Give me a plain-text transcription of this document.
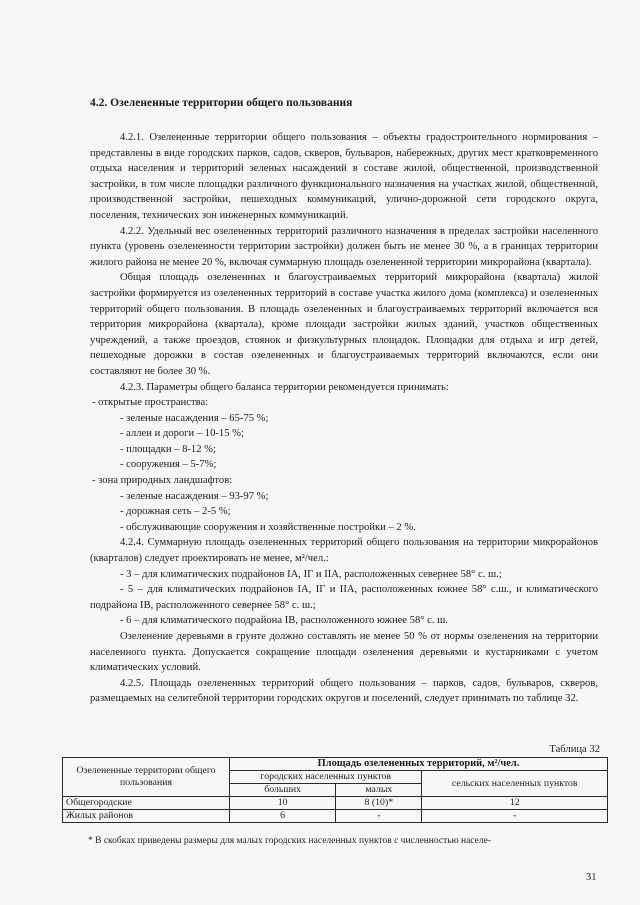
4.2. Озелененные территории общего пользования

4.2.1. Озелененные территории общего пользования – объекты градостроительного нормирования – представлены в виде городских парков, садов, скверов, бульваров, набережных, других мест кратковременного отдыха населения и территорий зеленых насаждений в составе жилой, общественной, производственной застройки, в том числе площадки различного функционального назначения на участках жилой, общественной, производственной застройки, пешеходных коммуникаций, улично-дорожной сети городского округа, поселения, технических зон инженерных коммуникаций.

4.2.2. Удельный вес озелененных территорий различного назначения в пределах застройки населенного пункта (уровень озелененности территории застройки) должен быть не менее 30 %, а в границах территории жилого района не менее 20 %, включая суммарную площадь озелененной территории микрорайона (квартала).

Общая площадь озелененных и благоустраиваемых территорий микрорайона (квартала) жилой застройки формируется из озелененных территорий в составе участка жилого дома (комплекса) и озелененных территорий общего пользования. В площадь озелененных и благоустраиваемых территорий включается вся территория микрорайона (квартала), кроме площади застройки жилых зданий, участков общественных учреждений, а также проездов, стоянок и физкультурных площадок. Площадки для отдыха и игр детей, пешеходные дорожки в состав озелененных и благоустраиваемых территорий включаются, если они составляют не более 30 %.

4.2.3. Параметры общего баланса территории рекомендуется принимать:

- открытые пространства:

- зеленые насаждения – 65-75 %;

- аллеи и дороги – 10-15 %;

- площадки – 8-12 %;

- сооружения – 5-7%;

- зона природных ландшафтов:

- зеленые насаждения – 93-97 %;

- дорожная сеть – 2-5 %;

- обслуживающие сооружения и хозяйственные постройки – 2 %.

4.2.4. Суммарную площадь озелененных территорий общего пользования на территории микрорайонов (кварталов) следует проектировать не менее, м²/чел.:

- 3 – для климатических подрайонов IA, IГ и IIA, расположенных севернее 58° с. ш.;

- 5 – для климатических подрайонов IA, IГ и IIA, расположенных южнее 58° с.ш., и климатического подрайона IB, расположенного севернее 58° с. ш.;

- 6 – для климатического подрайона IB, расположенного южнее 58° с. ш.

Озеленение деревьями в грунте должно составлять не менее 50 % от нормы озеленения на территории населенного пункта. Допускается сокращение площади озеленения деревьями и кустарниками с учетом климатических условий.

4.2.5. Площадь озелененных территорий общего пользования – парков, садов, бульваров, скверов, размещаемых на селитебной территории городских округов и поселений, следует принимать по таблице 32.

Таблица 32
Озелененные территории общего пользования	Площадь озелененных территорий, м²/чел.		
	городских населенных пунктов		сельских населенных пунктов
	больших	малых	
Общегородские	10	8 (10)*	12
Жилых районов	6	-	-
* В скобках приведены размеры для малых городских населенных пунктов с численностью населе-
31
